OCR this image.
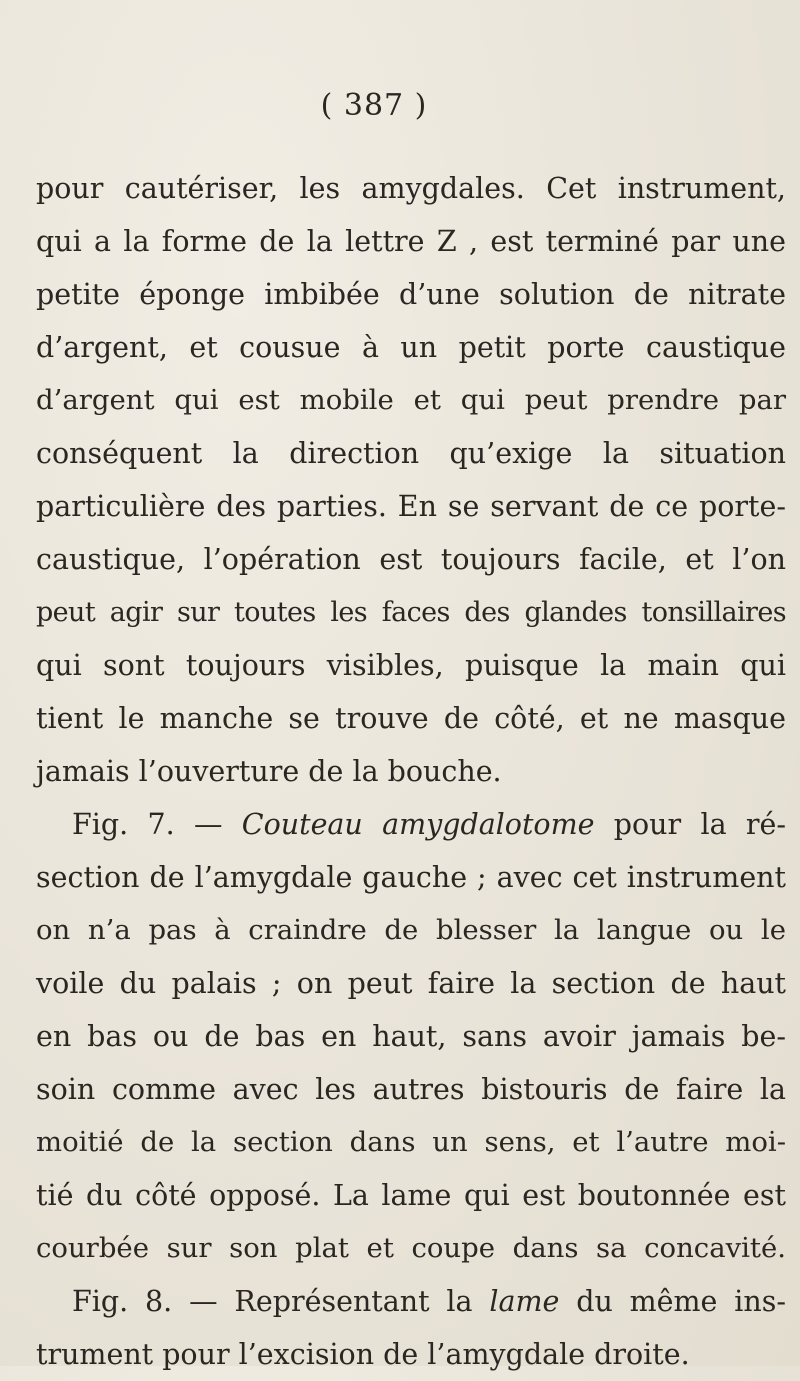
( 387 )
pour cautériser, les amygdales. Cet instrument,
qui a la forme de la lettre Z , est terminé par une
petite éponge imbibée d’une solution de nitrate
d’argent, et cousue à un petit porte caustique
d’argent qui est mobile et qui peut prendre par
conséquent la direction qu’exige la situation
particulière des parties. En se servant de ce porte-
caustique, l’opération est toujours facile, et l’on
peut agir sur toutes les faces des glandes tonsillaires
qui sont toujours visibles, puisque la main qui
tient le manche se trouve de côté, et ne masque
jamais l’ouverture de la bouche.
Fig. 7. — Couteau amygdalotome pour la ré-
section de l’amygdale gauche ; avec cet instrument
on n’a pas à craindre de blesser la langue ou le
voile du palais ; on peut faire la section de haut
en bas ou de bas en haut, sans avoir jamais be-
soin comme avec les autres bistouris de faire la
moitié de la section dans un sens, et l’autre moi-
tié du côté opposé. La lame qui est boutonnée est
courbée sur son plat et coupe dans sa concavité.
Fig. 8. — Représentant la lame du même ins-
trument pour l’excision de l’amygdale droite.
